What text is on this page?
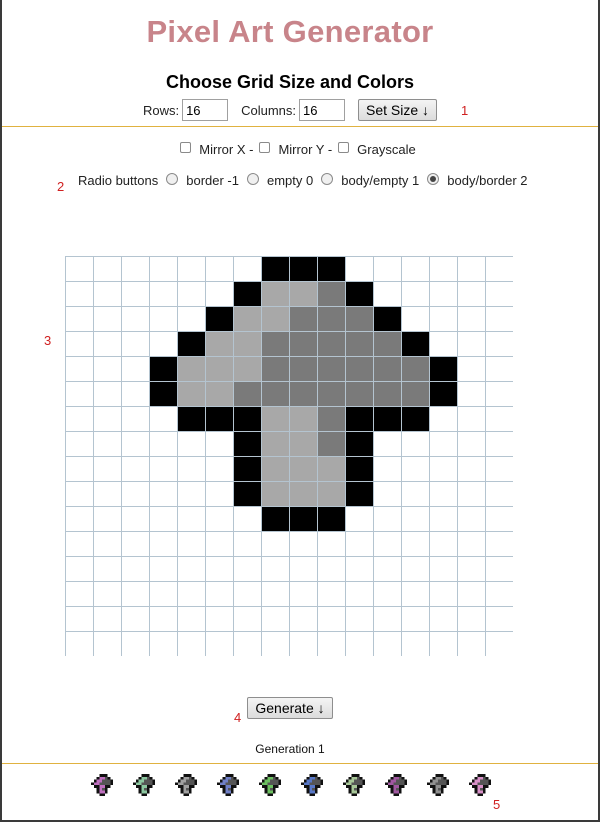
Pixel Art Generator
Choose Grid Size and Colors
Rows:
16	Columns:
16	Set Size ↓	1
Mirror X - Mirror Y - Grayscale
2 Radio buttons border -1 empty 0 body/empty 1 body/border 2
3
4
Generate ↓
Generation 1
5
